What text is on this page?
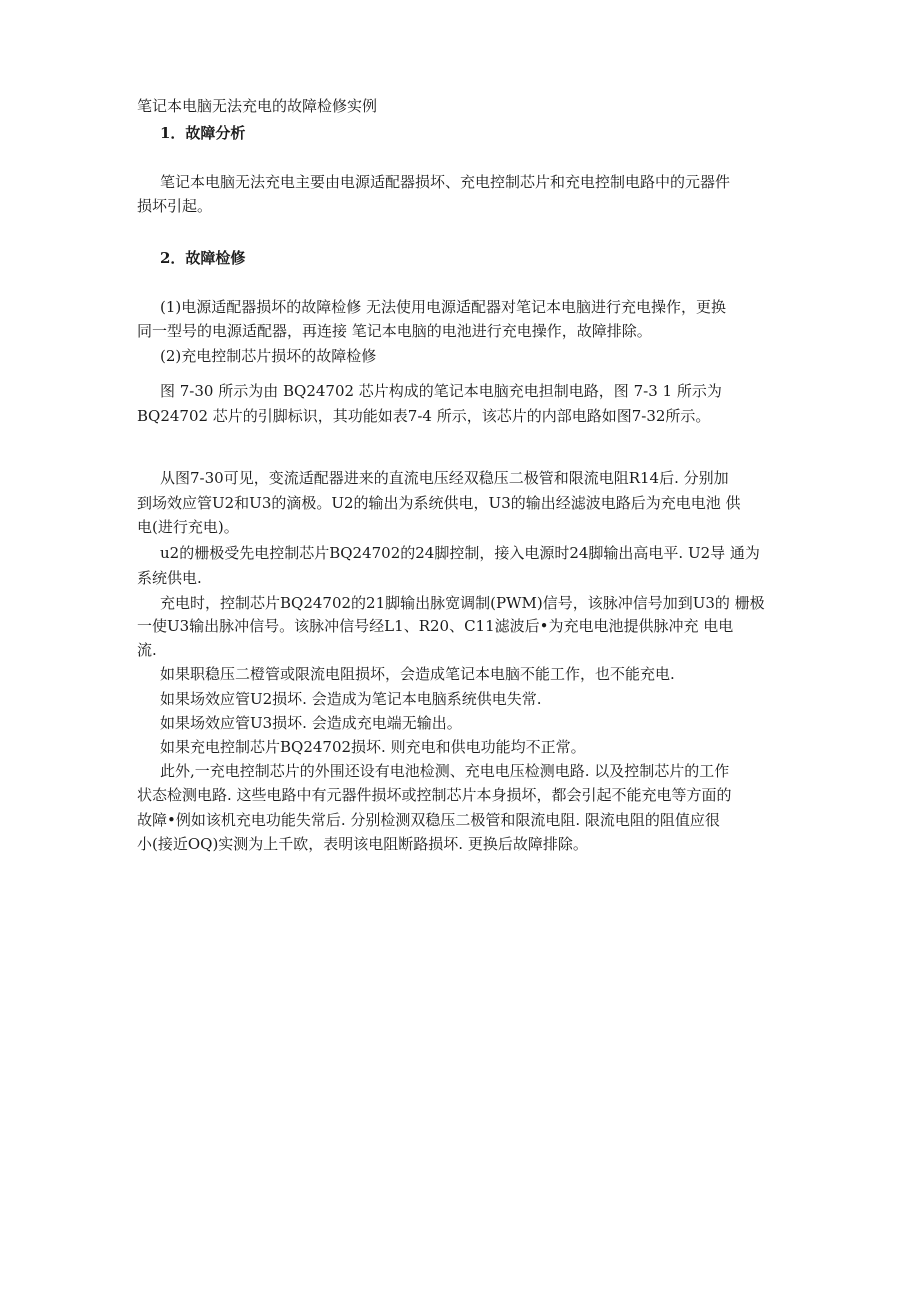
笔记本电脑无法充电的故障检修实例
1．故障分析
笔记本电脑无法充电主要由电源适配器损坏、充电控制芯片和充电控制电路中的元器件
损坏引起。
2．故障检修
(1)电源适配器损坏的故障检修 无法使用电源适配器对笔记本电脑进行充电操作，更换
同一型号的电源适配器，再连接 笔记本电脑的电池进行充电操作，故障排除。
(2)充电控制芯片损坏的故障检修
图 7-30 所示为由 BQ24702 芯片构成的笔记本电脑充电担制电路，图 7-3 1 所示为
BQ24702 芯片的引脚标识，其功能如表7-4 所示，该芯片的内部电路如图7-32所示。
从图7-30可见，变流适配器进来的直流电压经双稳压二极管和限流电阻R14后. 分别加
到场效应管U2和U3的滴极。U2的输出为系统供电，U3的输出经滤波电路后为充电电池 供
电(进行充电)。
u2的栅极受先电控制芯片BQ24702的24脚控制，接入电源时24脚输出高电平. U2导 通为
系统供电.
充电时，控制芯片BQ24702的21脚输出脉宽调制(PWM)信号，该脉冲信号加到U3的 栅极
一使U3输出脉冲信号。该脉冲信号经L1、R20、C11滤波后•为充电电池提供脉冲充 电电
流.
如果职稳压二橙管或限流电阻损坏，会造成笔记本电脑不能工作，也不能充电.
如果场效应管U2损坏. 会造成为笔记本电脑系统供电失常.
如果场效应管U3损坏. 会造成充电端无输出。
如果充电控制芯片BQ24702损坏. 则充电和供电功能均不正常。
此外,一充电控制芯片的外围还设有电池检测、充电电压检测电路. 以及控制芯片的工作
状态检测电路. 这些电路中有元器件损坏或控制芯片本身损坏，都会引起不能充电等方面的
故障•例如该机充电功能失常后. 分别检测双稳压二极管和限流电阻. 限流电阻的阻值应很
小(接近OQ)实测为上千欧，表明该电阻断路损坏. 更换后故障排除。
